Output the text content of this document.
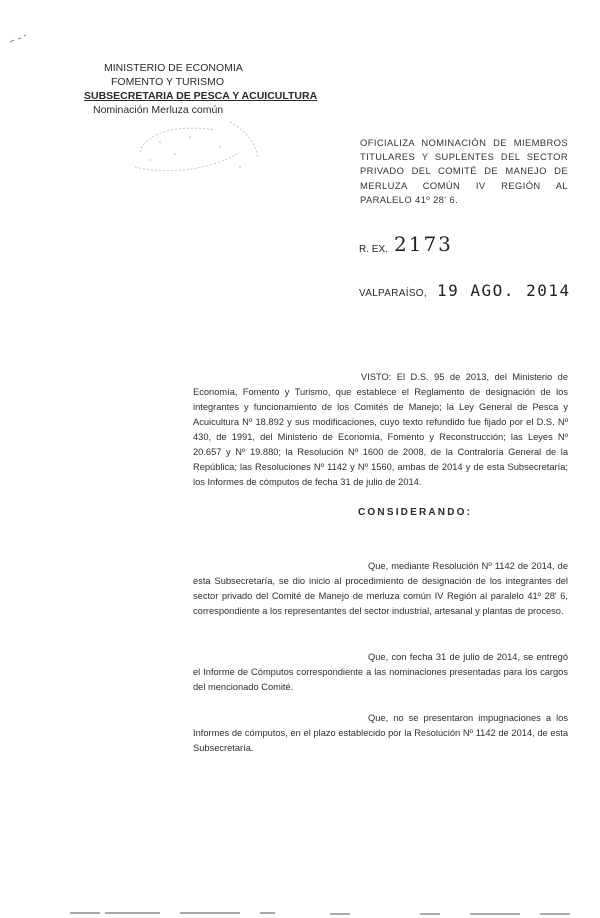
MINISTERIO DE ECONOMIA
FOMENTO Y TURISMO
SUBSECRETARIA DE PESCA Y ACUICULTURA
Nominación Merluza común
OFICIALIZA NOMINACIÓN DE MIEMBROS TITULARES Y SUPLENTES DEL SECTOR PRIVADO DEL COMITÉ DE MANEJO DE MERLUZA COMÚN IV REGIÓN AL PARALELO 41º 28' 6.
R. EX. 2173
VALPARAÍSO, 19 AGO. 2014

VISTO: El D.S. 95 de 2013, del Ministerio de Economía, Fomento y Turismo, que establece el Reglamento de designación de los integrantes y funcionamiento de los Comités de Manejo; la Ley General de Pesca y Acuicultura Nº 18.892 y sus modificaciones, cuyo texto refundido fue fijado por el D.S. Nº 430, de 1991, del Ministerio de Economía, Fomento y Reconstrucción; las Leyes Nº 20.657 y Nº 19.880; la Resolución Nº 1600 de 2008, de la Contraloría General de la República; las Resoluciones Nº 1142 y Nº 1560, ambas de 2014 y de esta Subsecretaría; los Informes de cómputos de fecha 31 de julio de 2014.

CONSIDERANDO:

Que, mediante Resolución Nº 1142 de 2014, de esta Subsecretaría, se dio inicio al procedimiento de designación de los integrantes del sector privado del Comité de Manejo de merluza común IV Región al paralelo 41º 28' 6, correspondiente a los representantes del sector industrial, artesanal y plantas de proceso.

Que, con fecha 31 de julio de 2014, se entregó el Informe de Cómputos correspondiente a las nominaciones presentadas para los cargos del mencionado Comité.

Que, no se presentaron impugnaciones a los Informes de cómputos, en el plazo establecido por la Resolución Nº 1142 de 2014, de esta Subsecretaría.
